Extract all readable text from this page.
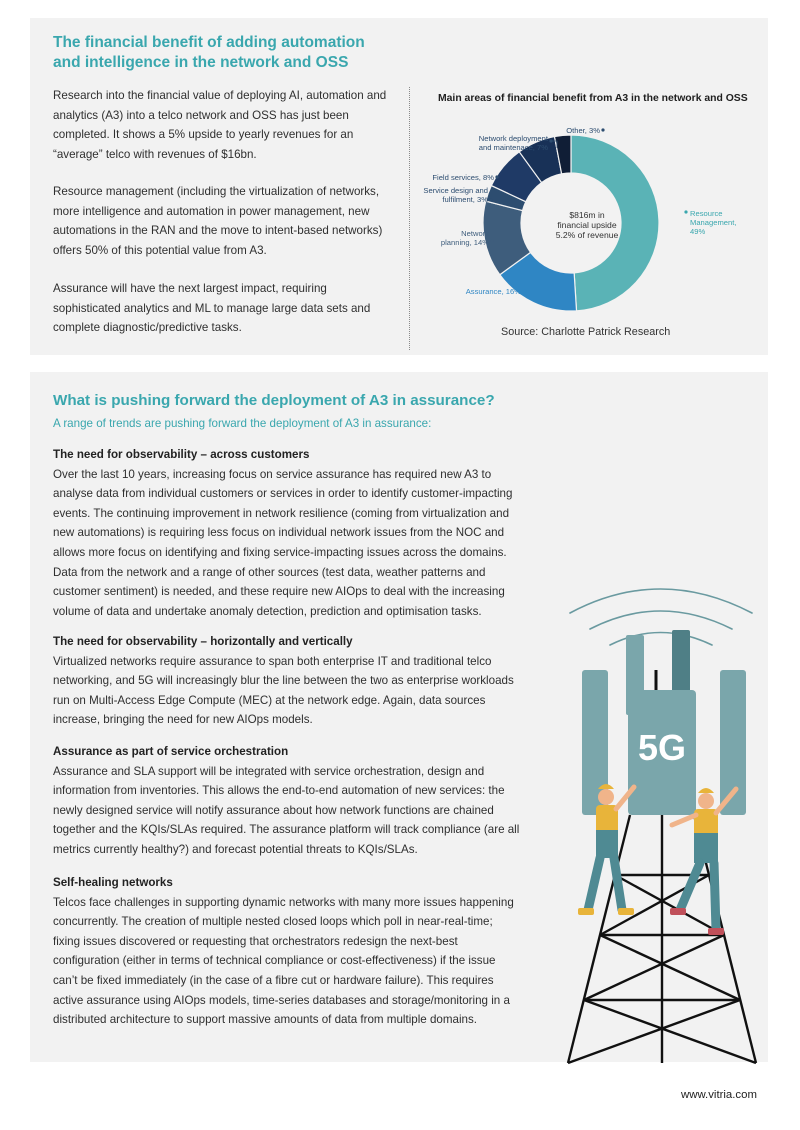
The financial benefit of adding automation
and intelligence in the network and OSS
Research into the financial value of deploying AI, automation and
analytics (A3) into a telco network and OSS has just been
completed. It shows a 5% upside to yearly revenues for an
“average” telco with revenues of $16bn.
Resource management (including the virtualization of networks,
more intelligence and automation in power management, new
automations in the RAN and the move to intent-based networks)
offers 50% of this potential value from A3.
Assurance will have the next largest impact, requiring
sophisticated analytics and ML to manage large data sets and
complete diagnostic/predictive tasks.
Main areas of financial benefit from A3 in the network and OSS
Resource
Management,
49%
Assurance, 16%
Network
planning, 14%
Service design and
fulfilment, 3%
Field services, 8%
Network deployment
and maintenace, 7%
Other, 3%
$816m in
financial upside
5.2% of revenue
Source: Charlotte Patrick Research
What is pushing forward the deployment of A3 in assurance?
A range of trends are pushing forward the deployment of A3 in assurance:
The need for observability – across customers
Over the last 10 years, increasing focus on service assurance has required new A3 to
analyse data from individual customers or services in order to identify customer-impacting
events. The continuing improvement in network resilience (coming from virtualization and
new automations) is requiring less focus on individual network issues from the NOC and
allows more focus on identifying and fixing service-impacting issues across the domains.
Data from the network and a range of other sources (test data, weather patterns and
customer sentiment) is needed, and these require new AIOps to deal with the increasing
volume of data and undertake anomaly detection, prediction and optimisation tasks.
The need for observability – horizontally and vertically
Virtualized networks require assurance to span both enterprise IT and traditional telco
networking, and 5G will increasingly blur the line between the two as enterprise workloads
run on Multi-Access Edge Compute (MEC) at the network edge. Again, data sources
increase, bringing the need for new AIOps models.
Assurance as part of service orchestration
Assurance and SLA support will be integrated with service orchestration, design and
information from inventories. This allows the end-to-end automation of new services: the
newly designed service will notify assurance about how network functions are chained
together and the KQIs/SLAs required. The assurance platform will track compliance (are all
metrics currently healthy?) and forecast potential threats to KQIs/SLAs.
Self-healing networks
Telcos face challenges in supporting dynamic networks with many more issues happening
concurrently. The creation of multiple nested closed loops which poll in near-real-time;
fixing issues discovered or requesting that orchestrators redesign the next-best
configuration (either in terms of technical compliance or cost-effectiveness) if the issue
can’t be fixed immediately (in the case of a fibre cut or hardware failure). This requires
active assurance using AIOps models, time-series databases and storage/monitoring in a
distributed architecture to support massive amounts of data from multiple domains.
5G
www.vitria.com
